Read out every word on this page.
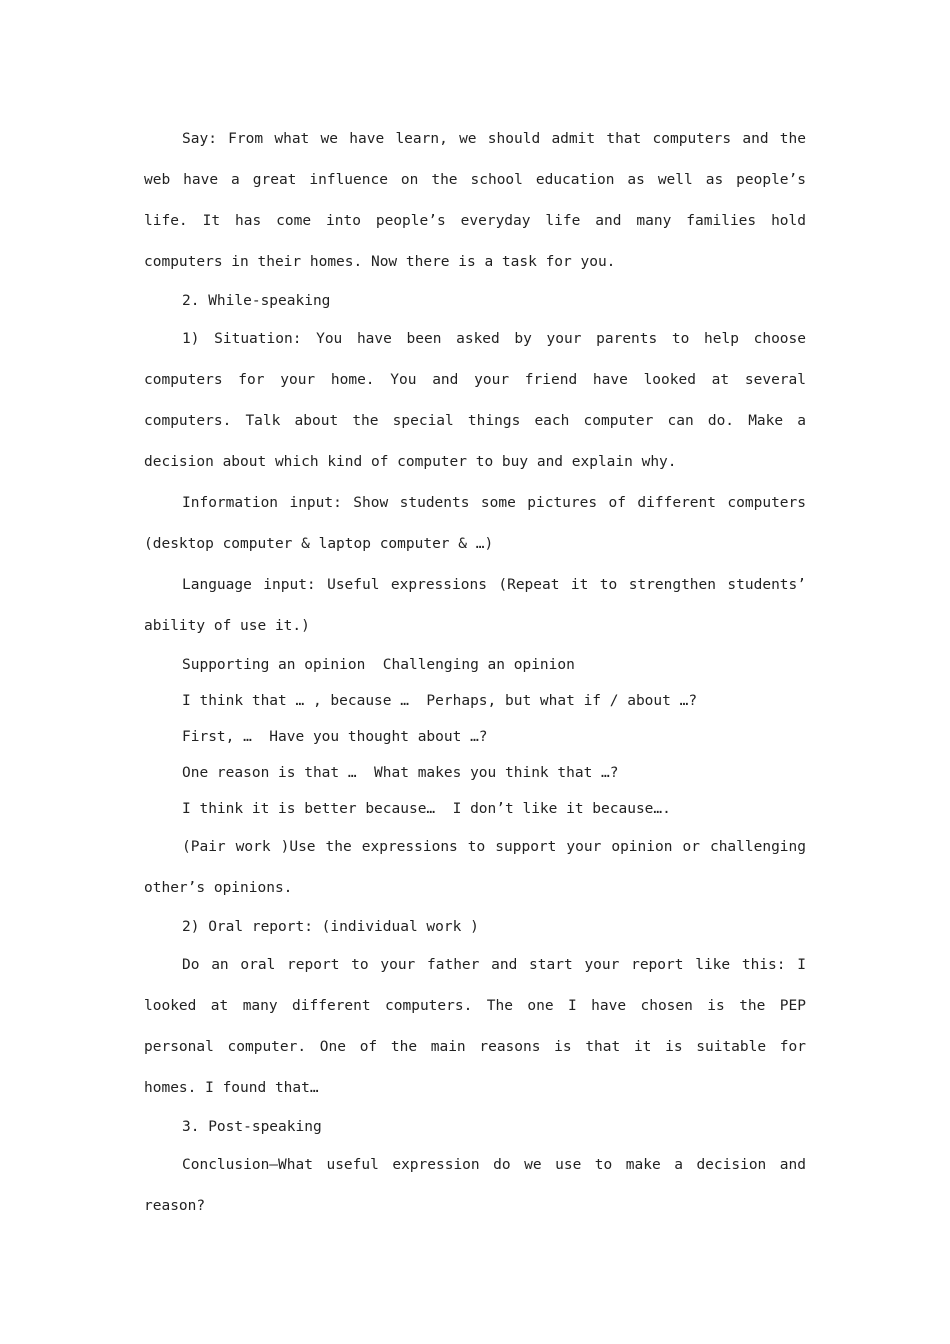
Say: From what we have learn, we should admit that computers and the web have a great influence on the school education as well as people’s life. It has come into people’s everyday life and many families hold computers in their homes. Now there is a task for you.

2. While-speaking

1) Situation: You have been asked by your parents to help choose computers for your home. You and your friend have looked at several computers. Talk about the special things each computer can do. Make a decision about which kind of computer to buy and explain why.

Information input: Show students some pictures of different computers (desktop computer & laptop computer & …)

Language input: Useful expressions (Repeat it to strengthen students’ ability of use it.)

Supporting an opinion  Challenging an opinion

I think that … , because …  Perhaps, but what if / about …?

First, …  Have you thought about …?

One reason is that …  What makes you think that …?

I think it is better because…  I don’t like it because….

(Pair work )Use the expressions to support your opinion or challenging other’s opinions.

2) Oral report: (individual work )

Do an oral report to your father and start your report like this: I looked at many different computers. The one I have chosen is the PEP personal computer. One of the main reasons is that it is suitable for homes. I found that…

3. Post-speaking

Conclusion—What useful expression do we use to make a decision and reason?
